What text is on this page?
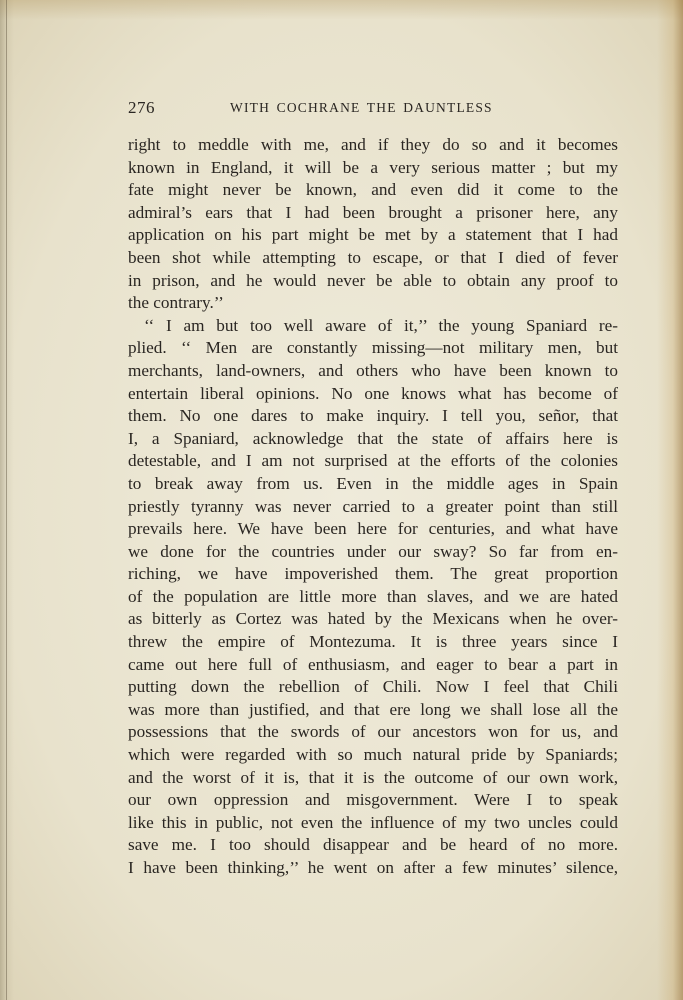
276	WITH COCHRANE THE DAUNTLESS
right to meddle with me, and if they do so and it becomes
known in England, it will be a very serious matter ; but my
fate might never be known, and even did it come to the
admiral’s ears that I had been brought a prisoner here, any
application on his part might be met by a statement that I had
been shot while attempting to escape, or that I died of fever
in prison, and he would never be able to obtain any proof to
the contrary.’’
‘‘ I am but too well aware of it,’’ the young Spaniard re-
plied. ‘‘ Men are constantly missing—not military men, but
merchants, land-owners, and others who have been known to
entertain liberal opinions. No one knows what has become of
them. No one dares to make inquiry. I tell you, señor, that
I, a Spaniard, acknowledge that the state of affairs here is
detestable, and I am not surprised at the efforts of the colonies
to break away from us. Even in the middle ages in Spain
priestly tyranny was never carried to a greater point than still
prevails here. We have been here for centuries, and what have
we done for the countries under our sway? So far from en-
riching, we have impoverished them. The great proportion
of the population are little more than slaves, and we are hated
as bitterly as Cortez was hated by the Mexicans when he over-
threw the empire of Montezuma. It is three years since I
came out here full of enthusiasm, and eager to bear a part in
putting down the rebellion of Chili. Now I feel that Chili
was more than justified, and that ere long we shall lose all the
possessions that the swords of our ancestors won for us, and
which were regarded with so much natural pride by Spaniards;
and the worst of it is, that it is the outcome of our own work,
our own oppression and misgovernment. Were I to speak
like this in public, not even the influence of my two uncles could
save me. I too should disappear and be heard of no more.
I have been thinking,’’ he went on after a few minutes’ silence,
